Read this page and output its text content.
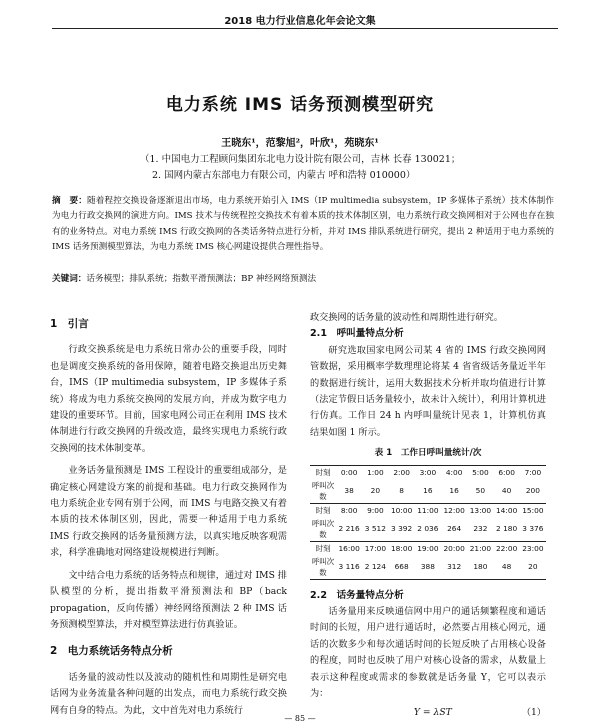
2018 电力行业信息化年会论文集
电力系统 IMS 话务预测模型研究
王晓东¹，范黎旭²，叶欣¹，苑晓东¹
（1. 中国电力工程顾问集团东北电力设计院有限公司，吉林 长春 130021；
2. 国网内蒙古东部电力有限公司，内蒙古 呼和浩特 010000）
摘　要：随着程控交换设备逐渐退出市场，电力系统开始引入 IMS（IP multimedia subsystem，IP 多媒体子系统）技术体制作为电力行政交换网的演进方向。IMS 技术与传统程控交换技术有着本质的技术体制区别，电力系统行政交换网相对于公网也存在独有的业务特点。对电力系统 IMS 行政交换网的各类话务特点进行分析，并对 IMS 排队系统进行研究，提出 2 种适用于电力系统的 IMS 话务预测模型算法，为电力系统 IMS 核心网建设提供合理性指导。
关键词：话务模型；排队系统；指数平滑预测法；BP 神经网络预测法
1　引言

行政交换系统是电力系统日常办公的重要手段，同时也是调度交换系统的备用保障，随着电路交换退出历史舞台，IMS（IP multimedia subsystem，IP 多媒体子系统）将成为电力系统交换网的发展方向，并成为数字电力建设的重要环节。目前，国家电网公司正在利用 IMS 技术体制进行行政交换网的升级改造，最终实现电力系统行政交换网的技术体制变革。

业务话务量预测是 IMS 工程设计的重要组成部分，是确定核心网建设方案的前提和基础。电力行政交换网作为电力系统企业专网有别于公网，而 IMS 与电路交换又有着本质的技术体制区别，因此，需要一种适用于电力系统 IMS 行政交换网的话务量预测方法，以真实地反映客观需求，科学准确地对网络建设规模进行判断。

文中结合电力系统的话务特点和规律，通过对 IMS 排队模型的分析，提出指数平滑预测法和 BP（back propagation，反向传播）神经网络预测法 2 种 IMS 话务预测模型算法，并对模型算法进行仿真验证。

2　电力系统话务特点分析

话务量的波动性以及波动的随机性和周期性是研究电话网为业务流量各种问题的出发点，而电力系统行政交换网有自身的特点。为此，文中首先对电力系统行

政交换网的话务量的波动性和周期性进行研究。
2.1　呼叫量特点分析

研究选取国家电网公司某 4 省的 IMS 行政交换网网管数据，采用概率学数理理论将某 4 省省级话务量近半年的数据进行统计，运用大数据技术分析并取均值进行计算（法定节假日话务量较小，故未计入统计），利用计算机进行仿真。工作日 24 h 内呼叫量统计见表 1，计算机仿真结果如图 1 所示。

表 1　工作日呼叫量统计/次
时刻	0:00	1:00	2:00	3:00	4:00	5:00	6:00	7:00
呼叫次数	38	20	8	16	16	50	40	200
时刻	8:00	9:00	10:00	11:00	12:00	13:00	14:00	15:00
呼叫次数	2 216	3 512	3 392	2 036	264	232	2 180	3 376
时刻	16:00	17:00	18:00	19:00	20:00	21:00	22:00	23:00
呼叫次数	3 116	2 124	668	388	312	180	48	20
2.2　话务量特点分析

话务量用来反映通信网中用户的通话频繁程度和通话时间的长短，用户进行通话时，必然要占用核心网元，通话的次数多少和每次通话时间的长短反映了占用核心设备的程度，同时也反映了用户对核心设备的需求，从数量上表示这种程度或需求的参数就是话务量 Y，它可以表示为：

Y = λST	（1）
— 85 —
